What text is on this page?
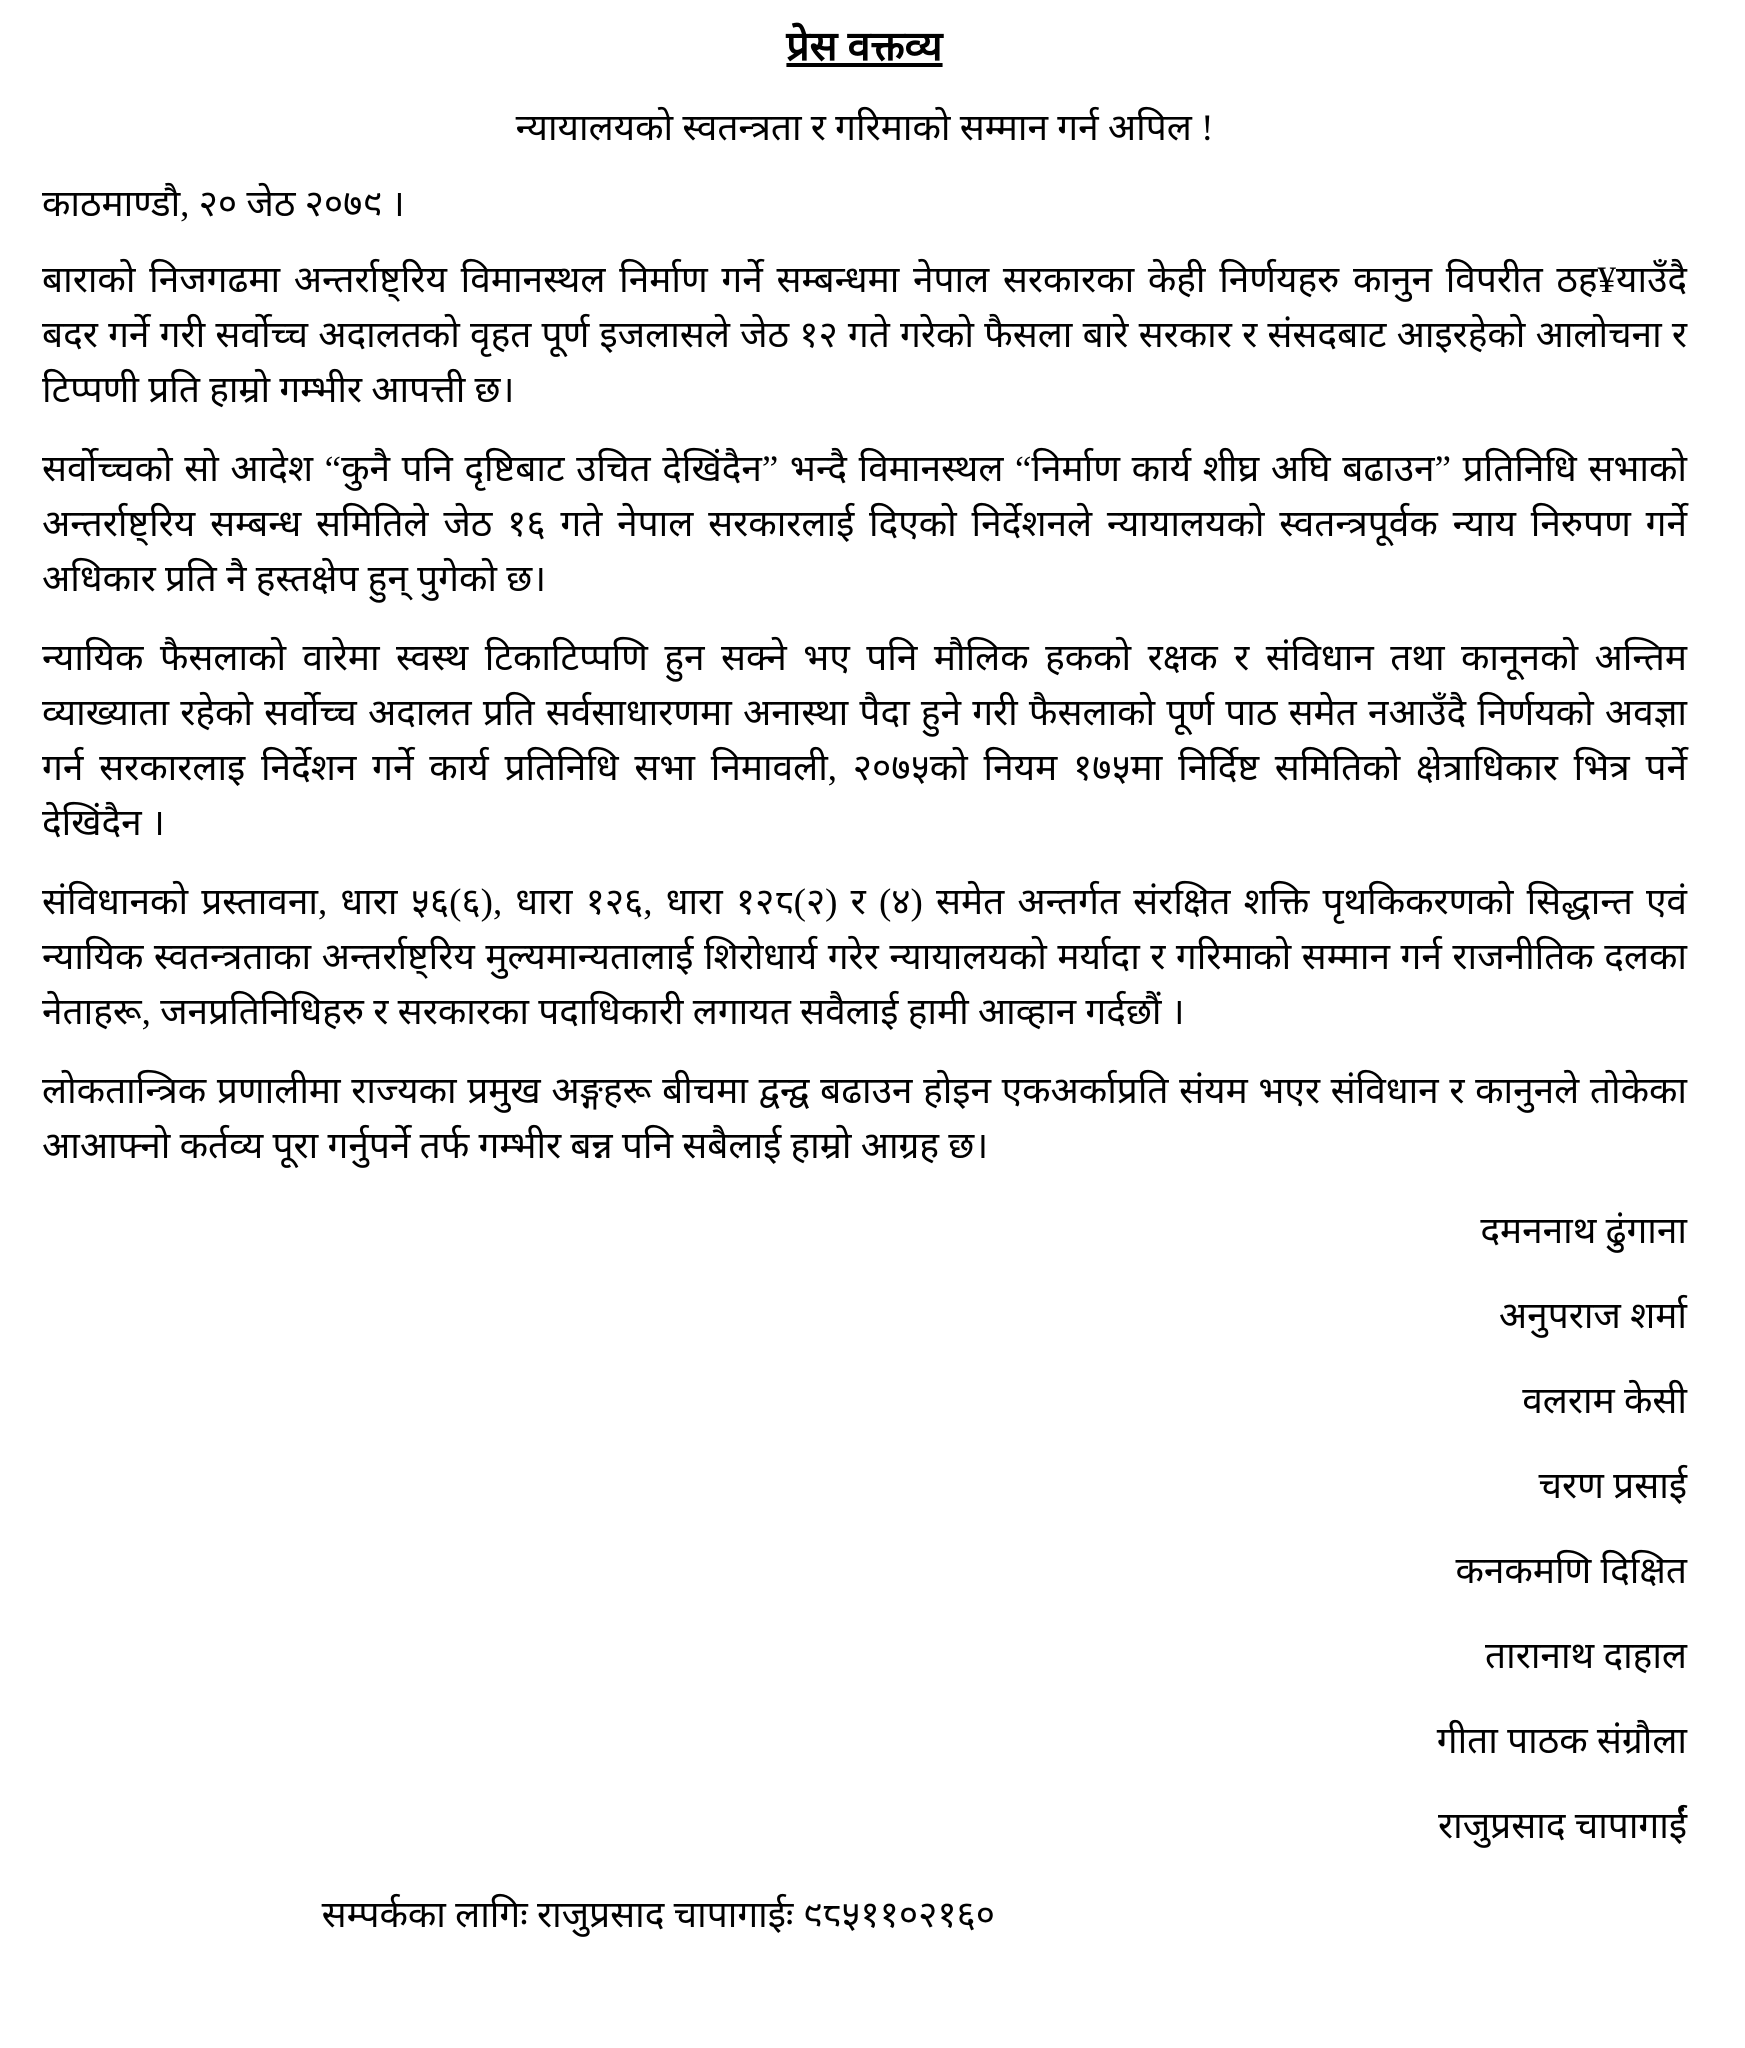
प्रेस वक्तव्य
न्यायालयको स्वतन्त्रता र गरिमाको सम्मान गर्न अपिल !
काठमाण्डौ, २० जेठ २०७९ ।

बाराको निजगढमा अन्तर्राष्ट्रिय विमानस्थल निर्माण गर्ने सम्बन्धमा नेपाल सरकारका केही निर्णयहरु कानुन विपरीत ठह¥याउँदै बदर गर्ने गरी सर्वोच्च अदालतको वृहत पूर्ण इजलासले जेठ १२ गते गरेको फैसला बारे सरकार र संसदबाट आइरहेको आलोचना र टिप्पणी प्रति हाम्रो गम्भीर आपत्ती छ।

सर्वोच्चको सो आदेश “कुनै पनि दृष्टिबाट उचित देखिंदैन” भन्दै विमानस्थल “निर्माण कार्य शीघ्र अघि बढाउन” प्रतिनिधि सभाको अन्तर्राष्ट्रिय सम्बन्ध समितिले जेठ १६ गते नेपाल सरकारलाई दिएको निर्देशनले न्यायालयको स्वतन्त्रपूर्वक न्याय निरुपण गर्ने अधिकार प्रति नै हस्तक्षेप हुन् पुगेको छ।

न्यायिक फैसलाको वारेमा स्वस्थ टिकाटिप्पणि हुन सक्ने भए पनि मौलिक हकको रक्षक र संविधान तथा कानूनको अन्तिम व्याख्याता रहेको सर्वोच्च अदालत प्रति सर्वसाधारणमा अनास्था पैदा हुने गरी फैसलाको पूर्ण पाठ समेत नआउँदै निर्णयको अवज्ञा गर्न सरकारलाइ निर्देशन गर्ने कार्य प्रतिनिधि सभा निमावली, २०७५को नियम १७५मा निर्दिष्ट समितिको क्षेत्राधिकार भित्र पर्ने देखिंदैन ।

संविधानको प्रस्तावना, धारा ५६(६), धारा १२६, धारा १२८(२) र (४) समेत अन्तर्गत संरक्षित शक्ति पृथकिकरणको सिद्धान्त एवं न्यायिक स्वतन्त्रताका अन्तर्राष्ट्रिय मुल्यमान्यतालाई शिरोधार्य गरेर न्यायालयको मर्यादा र गरिमाको सम्मान गर्न राजनीतिक दलका नेताहरू, जनप्रतिनिधिहरु र सरकारका पदाधिकारी लगायत सवैलाई हामी आव्हान गर्दछौं ।

लोकतान्त्रिक प्रणालीमा राज्यका प्रमुख अङ्गहरू बीचमा द्वन्द्व बढाउन होइन एकअर्काप्रति संयम भएर संविधान र कानुनले तोकेका आआफ्नो कर्तव्य पूरा गर्नुपर्ने तर्फ गम्भीर बन्न पनि सबैलाई हाम्रो आग्रह छ।

दमननाथ ढुंगाना
अनुपराज शर्मा
वलराम केसी
चरण प्रसाई
कनकमणि दिक्षित
तारानाथ दाहाल
गीता पाठक संग्रौला
राजुप्रसाद चापागाईं
सम्पर्कका लागिः राजुप्रसाद चापागाईः ९८५११०२१६०
